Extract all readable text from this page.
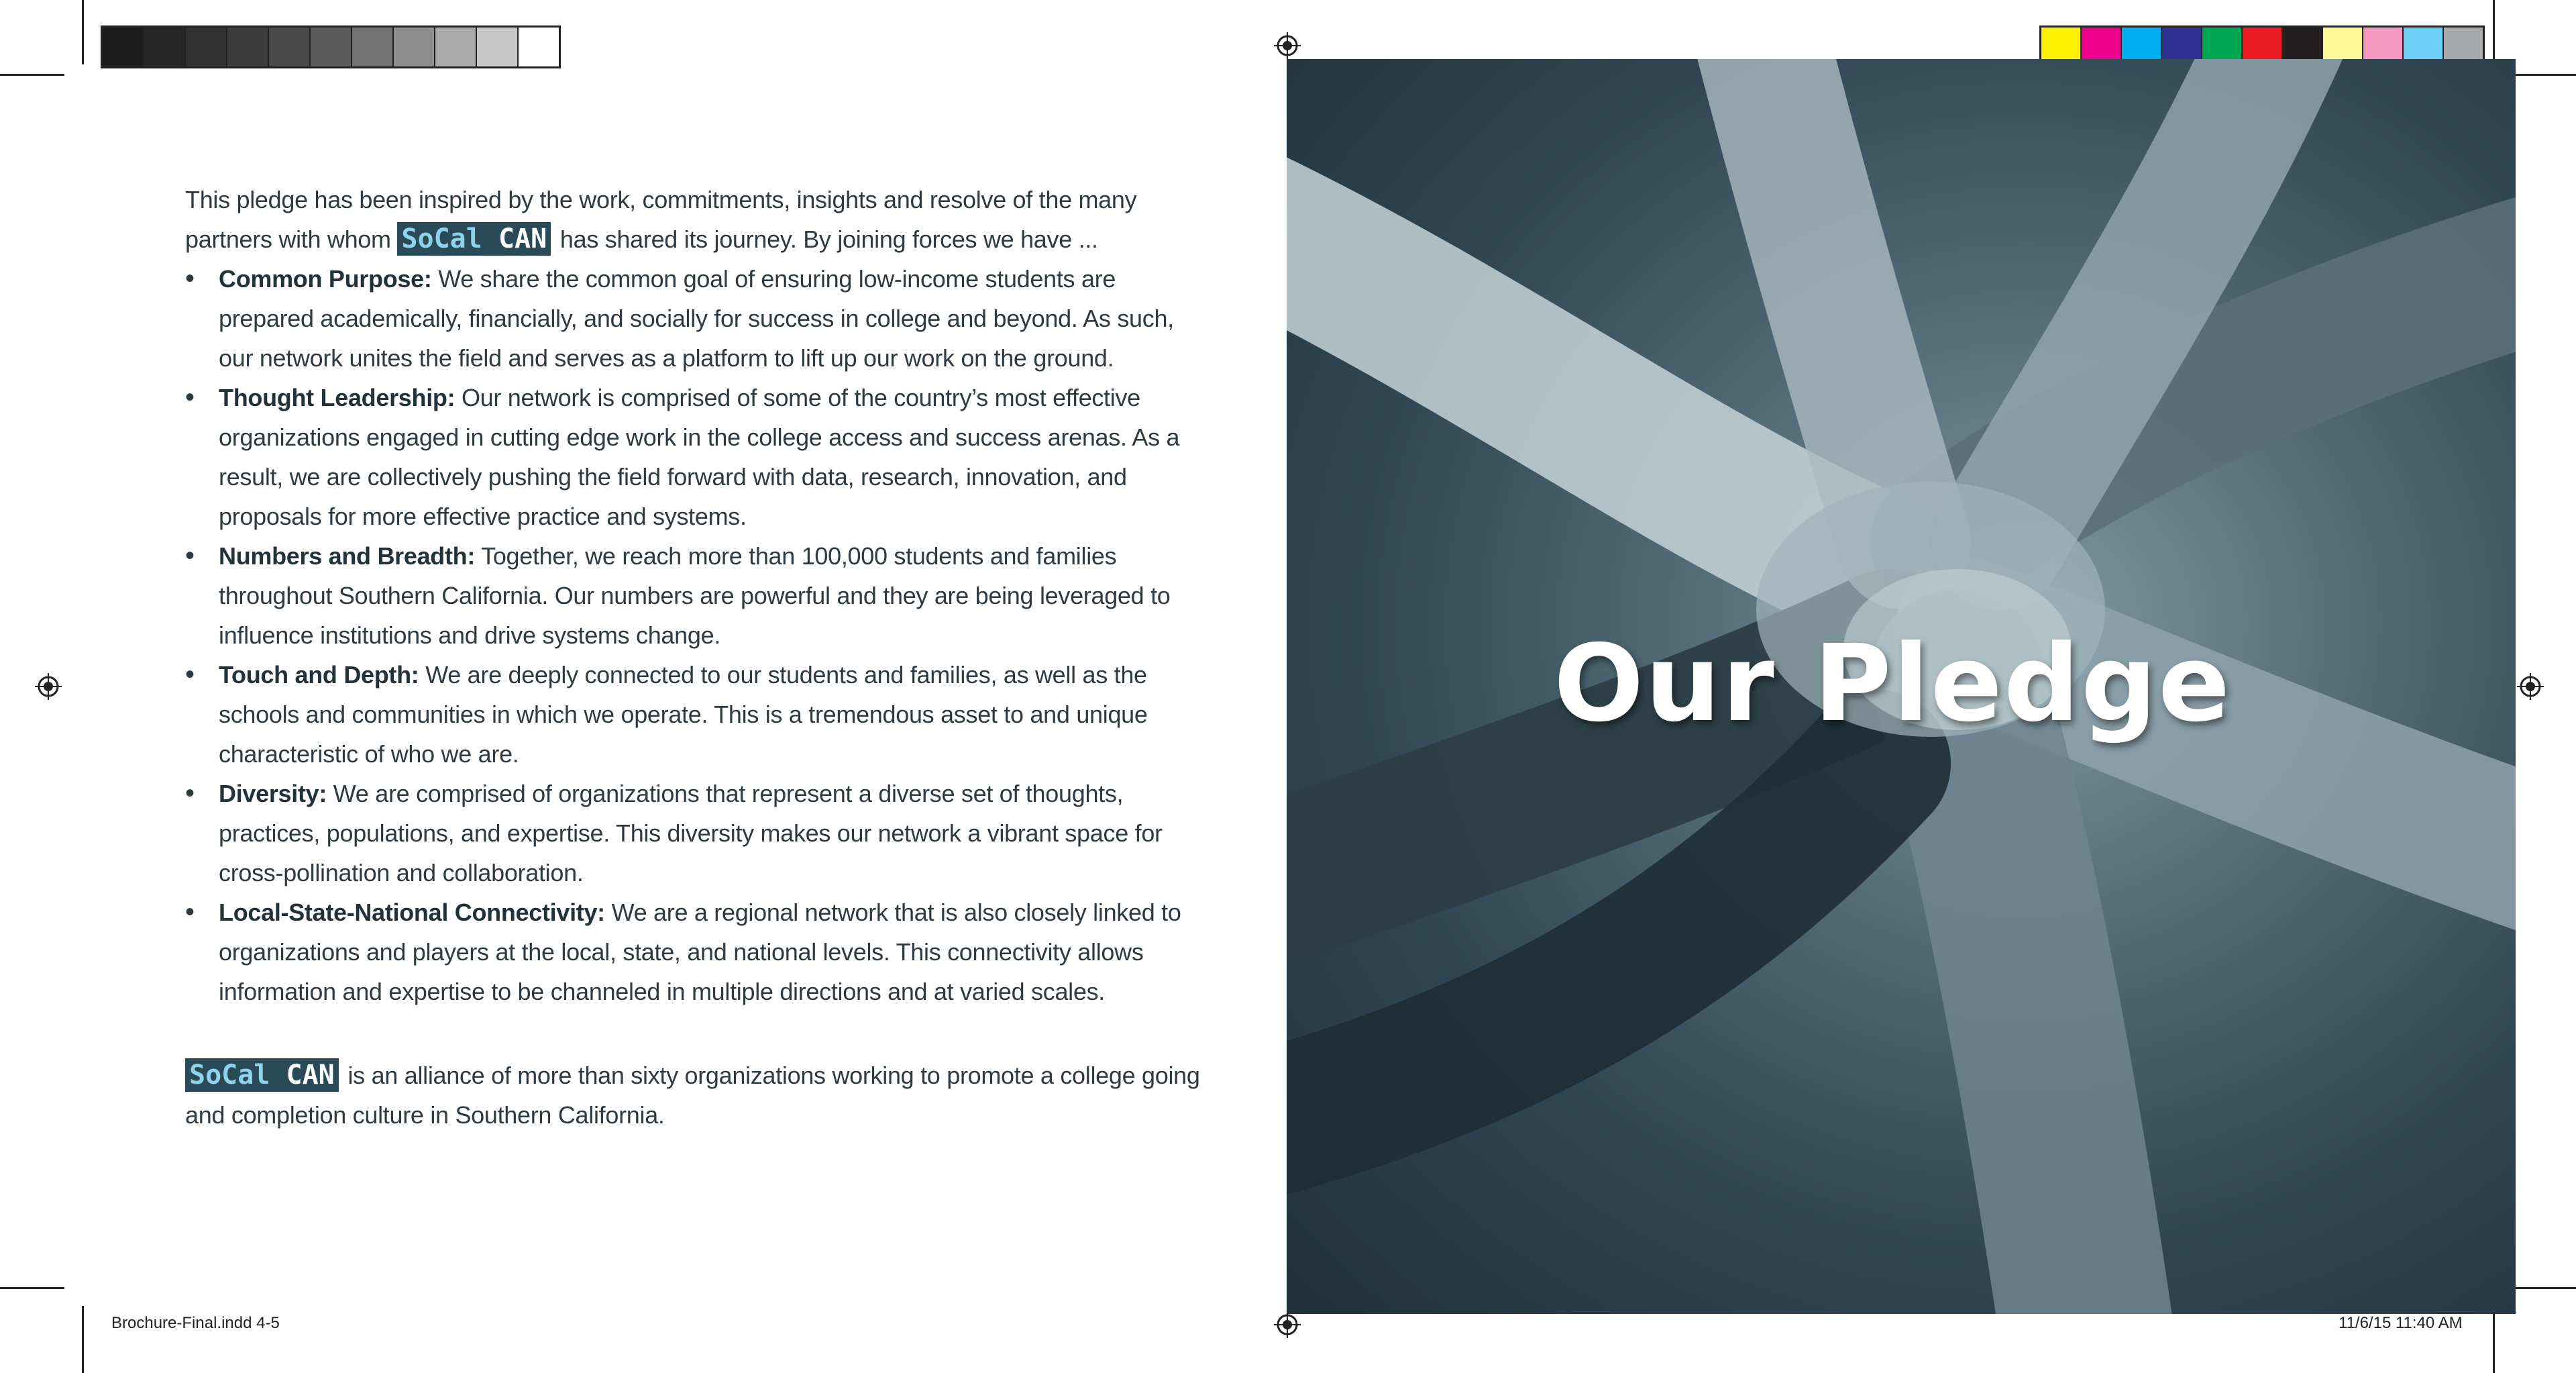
This pledge has been inspired by the work, commitments, insights and resolve of the many partners with whom SoCal CAN has shared its journey. By joining forces we have ...
• Common Purpose: We share the common goal of ensuring low-income students are prepared academically, financially, and socially for success in college and beyond. As such, our network unites the field and serves as a platform to lift up our work on the ground.
• Thought Leadership: Our network is comprised of some of the country’s most effective organizations engaged in cutting edge work in the college access and success arenas. As a result, we are collectively pushing the field forward with data, research, innovation, and proposals for more effective practice and systems.
• Numbers and Breadth: Together, we reach more than 100,000 students and families throughout Southern California. Our numbers are powerful and they are being leveraged to influence institutions and drive systems change.
• Touch and Depth: We are deeply connected to our students and families, as well as the schools and communities in which we operate. This is a tremendous asset to and unique characteristic of who we are.
• Diversity: We are comprised of organizations that represent a diverse set of thoughts, practices, populations, and expertise. This diversity makes our network a vibrant space for cross-pollination and collaboration.
• Local-State-National Connectivity: We are a regional network that is also closely linked to organizations and players at the local, state, and national levels. This connectivity allows information and expertise to be channeled in multiple directions and at varied scales.
SoCal CAN is an alliance of more than sixty organizations working to promote a college going and completion culture in Southern California.
Our Pledge
Brochure-Final.indd 4-5	11/6/15 11:40 AM
